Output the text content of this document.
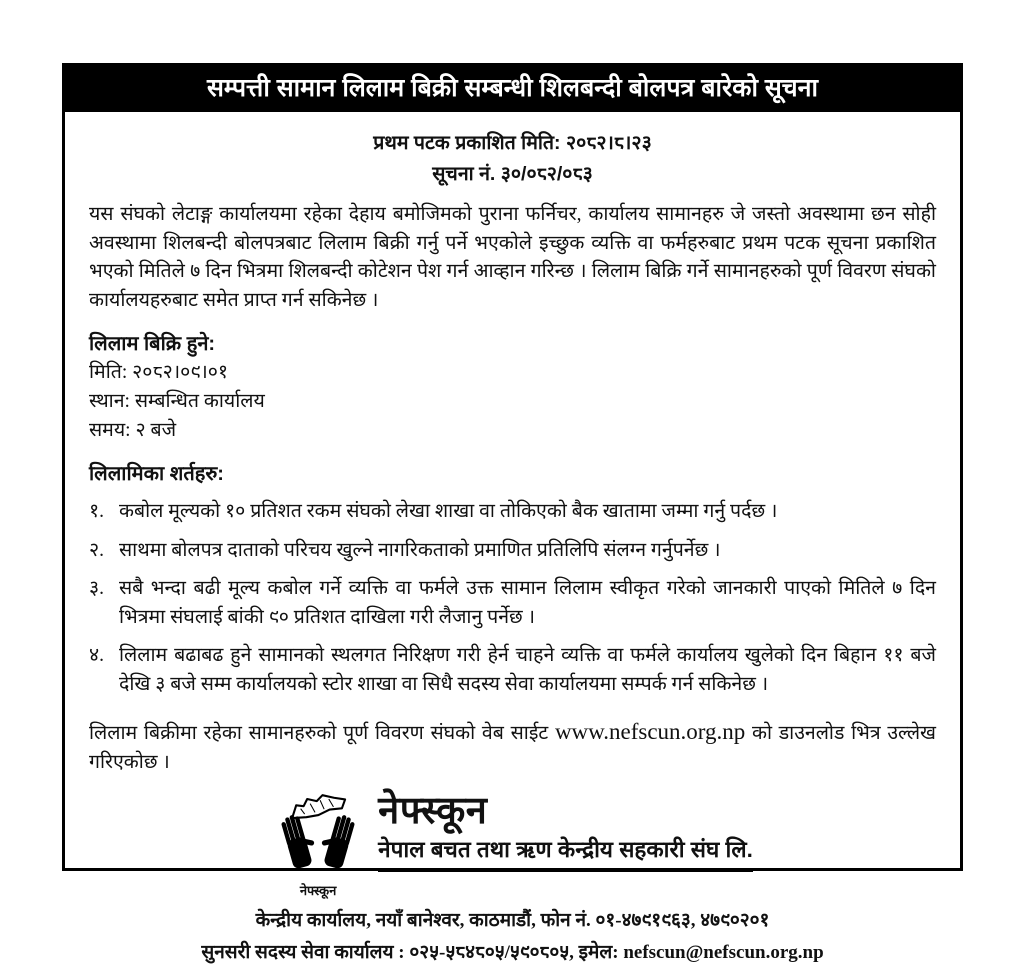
सम्पत्ती सामान लिलाम बिक्री सम्बन्धी शिलबन्दी बोलपत्र बारेको सूचना
प्रथम पटक प्रकाशित मिति: २०८२।८।२३
सूचना नं. ३०/०८२/०८३
यस संघको लेटाङ्ग कार्यालयमा रहेका देहाय बमोजिमको पुराना फर्निचर, कार्यालय सामानहरु जे जस्तो अवस्थामा छन सोही अवस्थामा शिलबन्दी बोलपत्रबाट लिलाम बिक्री गर्नु पर्ने भएकोले इच्छुक व्यक्ति वा फर्महरुबाट प्रथम पटक सूचना प्रकाशित भएको मितिले ७ दिन भित्रमा शिलबन्दी कोटेशन पेश गर्न आव्हान गरिन्छ । लिलाम बिक्रि गर्ने सामानहरुको पूर्ण विवरण संघको कार्यालयहरुबाट समेत प्राप्त गर्न सकिनेछ ।
लिलाम बिक्रि हुने:
मिति: २०८२।०९।०१
स्थान: सम्बन्धित कार्यालय
समय: २ बजे
लिलामिका शर्तहरु:
१. कबोल मूल्यको १० प्रतिशत रकम संघको लेखा शाखा वा तोकिएको बैक खातामा जम्मा गर्नु पर्दछ ।
२. साथमा बोलपत्र दाताको परिचय खुल्ने नागरिकताको प्रमाणित प्रतिलिपि संलग्न गर्नुपर्नेछ ।
३. सबै भन्दा बढी मूल्य कबोल गर्ने व्यक्ति वा फर्मले उक्त सामान लिलाम स्वीकृत गरेको जानकारी पाएको मितिले ७ दिन भित्रमा संघलाई बांकी ९० प्रतिशत दाखिला गरी लैजानु पर्नेछ ।
४. लिलाम बढाबढ हुने सामानको स्थलगत निरिक्षण गरी हेर्न चाहने व्यक्ति वा फर्मले कार्यालय खुलेको दिन बिहान ११ बजे देखि ३ बजे सम्म कार्यालयको स्टोर शाखा वा सिधै सदस्य सेवा कार्यालयमा सम्पर्क गर्न सकिनेछ ।
लिलाम बिक्रीमा रहेका सामानहरुको पूर्ण विवरण संघको वेब साईट www.nefscun.org.np को डाउनलोड भित्र उल्लेख गरिएकोछ ।
नेफ्स्कून
नेफ्स्कून
नेपाल बचत तथा ऋण केन्द्रीय सहकारी संघ लि.
केन्द्रीय कार्यालय, नयाँ बानेश्वर, काठमाडौं, फोन नं. ०१-४७९१९६३, ४७९०२०१
सुनसरी सदस्य सेवा कार्यालय : ०२५-५८४८०५/५९०८०५, इमेल: nefscun@nefscun.org.np
